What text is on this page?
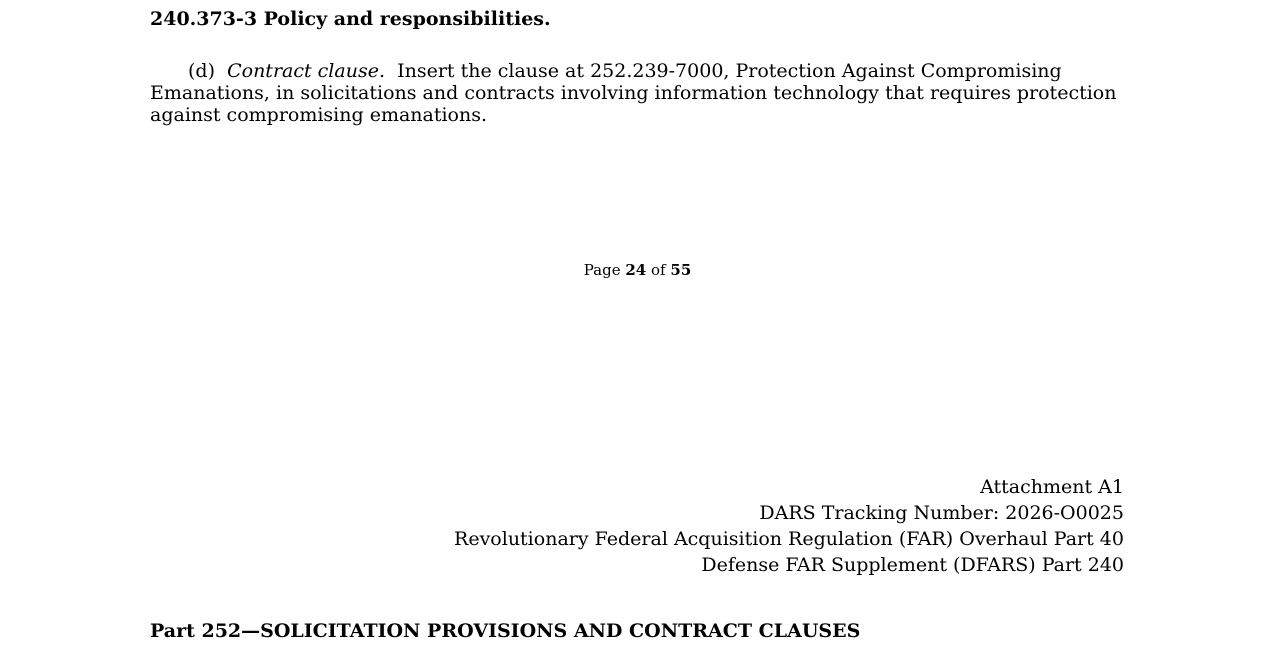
240.373-3 Policy and responsibilities.

(d) Contract clause. Insert the clause at 252.239-7000, Protection Against Compromising Emanations, in solicitations and contracts involving information technology that requires protection against compromising emanations.

Page 24 of 55

Attachment A1
DARS Tracking Number: 2026-O0025
Revolutionary Federal Acquisition Regulation (FAR) Overhaul Part 40
Defense FAR Supplement (DFARS) Part 240
Part 252—SOLICITATION PROVISIONS AND CONTRACT CLAUSES
